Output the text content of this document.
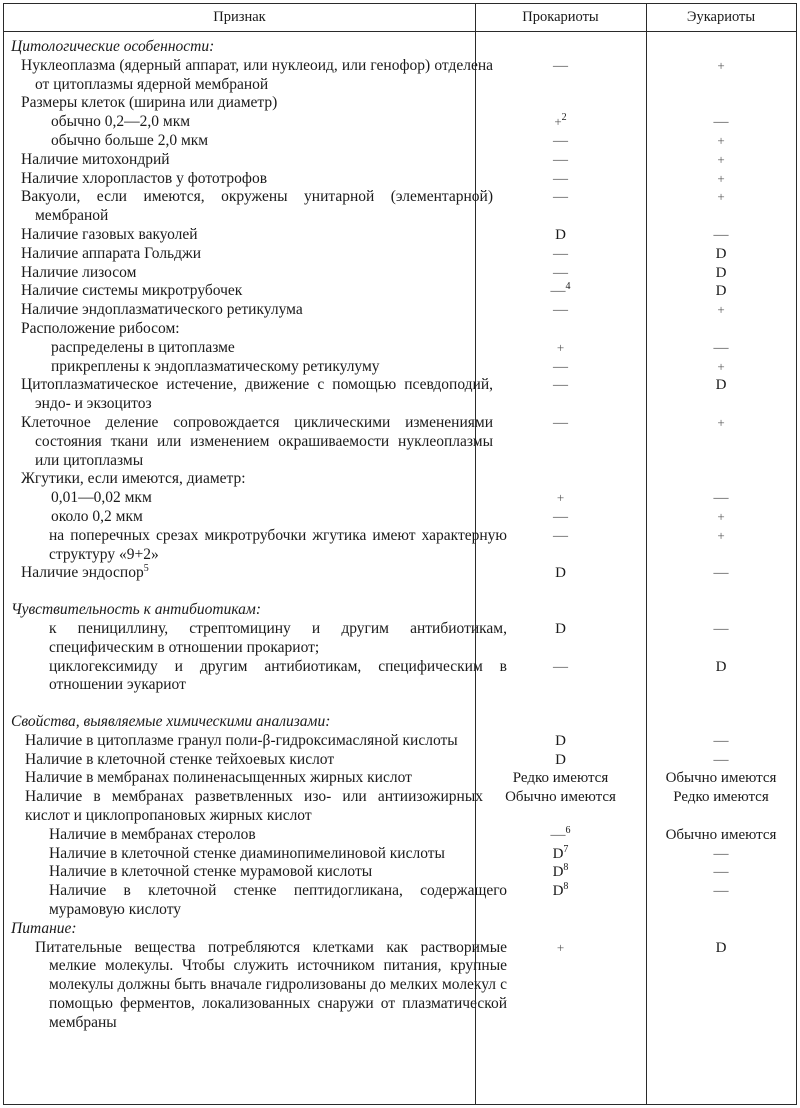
Признак	Прокариоты	Эукариоты
Цитологические особенности:
Нуклеоплазма (ядерный аппарат, или нуклеоид, или генофор) отделена от цитоплазмы ядерной мембраной
—	+
Размеры клеток (ширина или диаметр)
обычно 0,2—2,0 мкм	+$^2$	—
обычно больше 2,0 мкм	—	+
Наличие митохондрий	—	+
Наличие хлоропластов у фототрофов	—	+
Вакуоли, если имеются, окружены унитарной (элементарной) мембраной
—	+
Наличие газовых вакуолей	D	—
Наличие аппарата Гольджи	—	D
Наличие лизосом	—	D
Наличие системы микротрубочек	—$^4$	D
Наличие эндоплазматического ретикулума	—	+
Расположение рибосом:
распределены в цитоплазме	+	—
прикреплены к эндоплазматическому ретикулуму	—	+
Цитоплазматическое истечение, движение с помощью псевдоподий, эндо- и экзоцитоз
—	D
Клеточное деление сопровождается циклическими изменениями состояния ткани или изменением окрашиваемости нуклеоплазмы или цитоплазмы
—	+
Жгутики, если имеются, диаметр:
0,01—0,02 мкм	+	—
около 0,2 мкм	—	+
на поперечных срезах микротрубочки жгутика имеют характерную структуру «9+2»
—	+
Наличие эндоспор$^5$	D	—
Чувствительность к антибиотикам:
к пенициллину, стрептомицину и другим антибиотикам, специфическим в отношении прокариот;
D	—
циклогексимиду и другим антибиотикам, специфическим в отношении эукариот
—	D
Свойства, выявляемые химическими анализами:
Наличие в цитоплазме гранул поли-β-гидроксимасляной кислоты	D	—
Наличие в клеточной стенке тейхоевых кислот	D	—
Наличие в мембранах полиненасыщенных жирных кислот	Редко имеются	Обычно имеются
Наличие в мембранах разветвленных изо- или антиизожирных кислот и циклопропановых жирных кислот
Обычно имеются	Редко имеются
Наличие в мембранах стеролов	—$^6$	Обычно имеются
Наличие в клеточной стенке диаминопимелиновой кислоты	$D^7$	—
Наличие в клеточной стенке мурамовой кислоты	$D^8$	—
Наличие в клеточной стенке пептидогликана, содержащего мурамовую кислоту
$D^8$	—
Питание:
Питательные вещества потребляются клетками как растворимые мелкие молекулы. Чтобы служить источником питания, крупные молекулы должны быть вначале гидролизованы до мелких молекул с помощью ферментов, локализованных снаружи от плазматической мембраны
+	D
